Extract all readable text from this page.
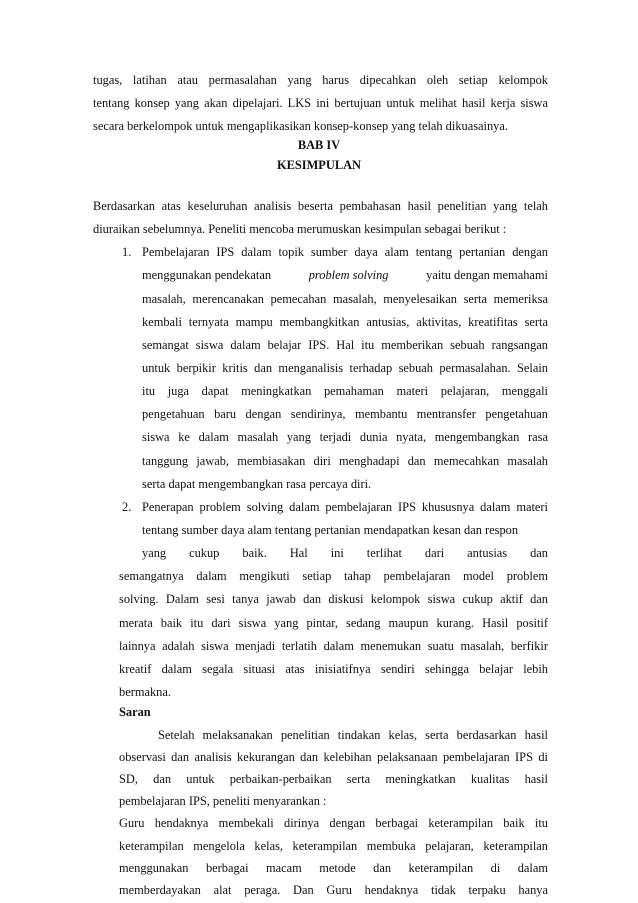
tugas, latihan atau permasalahan yang harus dipecahkan oleh setiap kelompok
tentang konsep yang akan dipelajari. LKS ini bertujuan untuk melihat hasil kerja siswa
secara berkelompok untuk mengaplikasikan konsep-konsep yang telah dikuasainya.
BAB IV
KESIMPULAN
Berdasarkan atas keseluruhan analisis beserta pembahasan hasil penelitian yang telah
diuraikan sebelumnya. Peneliti mencoba merumuskan kesimpulan sebagai berikut :
1. Pembelajaran IPS dalam topik sumber daya alam tentang pertanian dengan
menggunakan pendekatan	problem solving	yaitu dengan memahami
masalah, merencanakan pemecahan masalah, menyelesaikan serta memeriksa
kembali ternyata mampu membangkitkan antusias, aktivitas, kreatifitas serta
semangat siswa dalam belajar IPS. Hal itu memberikan sebuah rangsangan
untuk berpikir kritis dan menganalisis terhadap sebuah permasalahan. Selain
itu juga dapat meningkatkan pemahaman materi pelajaran, menggali
pengetahuan baru dengan sendirinya, membantu mentransfer pengetahuan
siswa ke dalam masalah yang terjadi dunia nyata, mengembangkan rasa
tanggung jawab, membiasakan diri menghadapi dan memecahkan masalah
serta dapat mengembangkan rasa percaya diri.
2. Penerapan problem solving dalam pembelajaran IPS khususnya dalam materi
tentang sumber daya alam tentang pertanian mendapatkan kesan dan respon
yang cukup baik. Hal ini terlihat dari antusias dan
semangatnya dalam mengikuti setiap tahap pembelajaran model problem
solving. Dalam sesi tanya jawab dan diskusi kelompok siswa cukup aktif dan
merata baik itu dari siswa yang pintar, sedang maupun kurang. Hasil positif
lainnya adalah siswa menjadi terlatih dalam menemukan suatu masalah, berfikir
kreatif dalam segala situasi atas inisiatifnya sendiri sehingga belajar lebih
bermakna.
Saran
Setelah melaksanakan penelitian tindakan kelas, serta berdasarkan hasil
observasi dan analisis kekurangan dan kelebihan pelaksanaan pembelajaran IPS di
SD, dan untuk perbaikan-perbaikan serta meningkatkan kualitas hasil
pembelajaran IPS, peneliti menyarankan :
Guru hendaknya membekali dirinya dengan berbagai keterampilan baik itu
keterampilan mengelola kelas, keterampilan membuka pelajaran, keterampilan
menggunakan berbagai macam metode dan keterampilan di dalam
memberdayakan alat peraga. Dan Guru hendaknya tidak terpaku hanya
